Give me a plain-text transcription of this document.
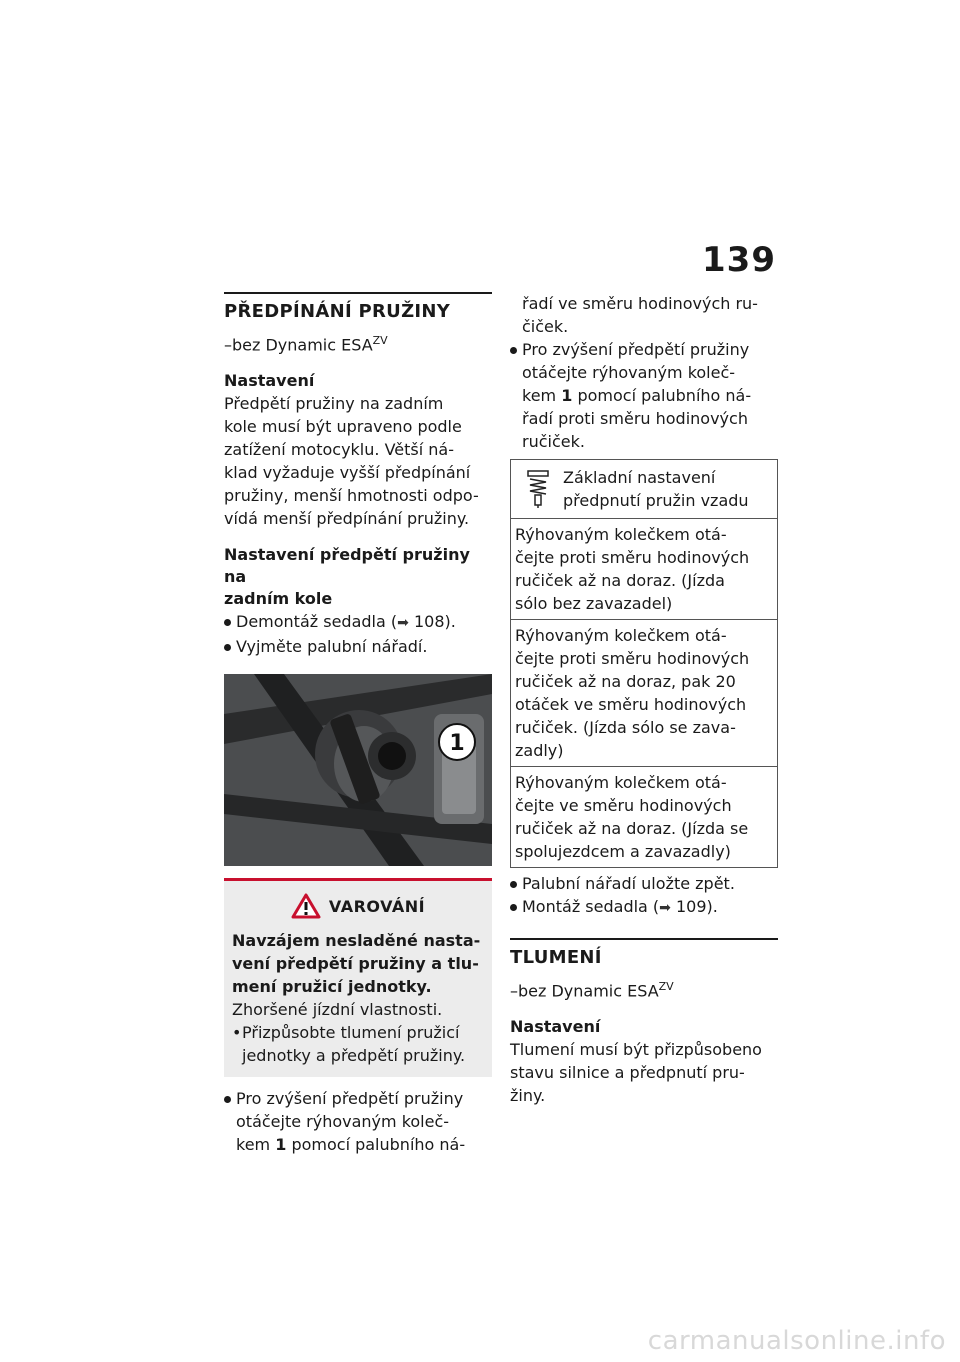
139
PŘEDPÍNÁNÍ PRUŽINY
–bez Dynamic $ESA^{ZV}$
Nastavení
Předpětí pružiny na zadním
kole musí být upraveno podle
zatížení motocyklu. Větší ná-
klad vyžaduje vyšší předpínání
pružiny, menší hmotnosti odpo-
vídá menší předpínání pružiny.
Nastavení předpětí pružiny na
zadním kole
Demontáž sedadla (➡ 108).
Vyjměte palubní nářadí.
1
VAROVÁNÍ
Navzájem nesladěné nasta-
vení předpětí pružiny a tlu-
mení pružicí jednotky.
Zhoršené jízdní vlastnosti.
• Přizpůsobte tlumení pružicí
jednotky a předpětí pružiny.
Pro zvýšení předpětí pružiny
otáčejte rýhovaným koleč-
kem 1 pomocí palubního ná-
řadí ve směru hodinových ru-
čiček.
Pro zvýšení předpětí pružiny
otáčejte rýhovaným koleč-
kem 1 pomocí palubního ná-
řadí proti směru hodinových
ručiček.
Základní nastavení
předpnutí pružin vzadu
Rýhovaným kolečkem otá-
čejte proti směru hodinových
ručiček až na doraz. (Jízda
sólo bez zavazadel)
Rýhovaným kolečkem otá-
čejte proti směru hodinových
ručiček až na doraz, pak 20
otáček ve směru hodinových
ručiček. (Jízda sólo se zava-
zadly)
Rýhovaným kolečkem otá-
čejte ve směru hodinových
ručiček až na doraz. (Jízda se
spolujezdcem a zavazadly)
Palubní nářadí uložte zpět.
Montáž sedadla (➡ 109).
TLUMENÍ
–bez Dynamic $ESA^{ZV}$
Nastavení
Tlumení musí být přizpůsobeno
stavu silnice a předpnutí pru-
žiny.
carmanualsonline.info
